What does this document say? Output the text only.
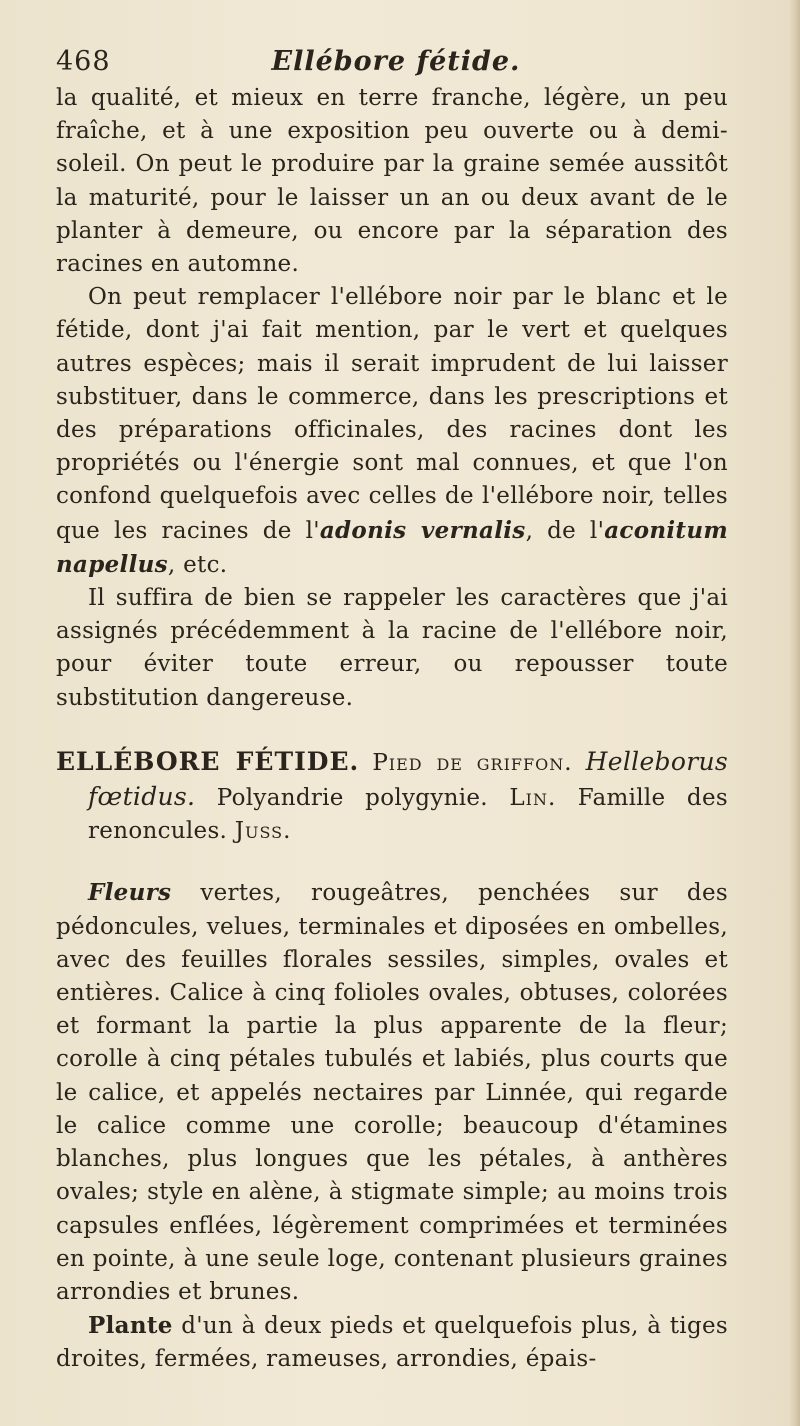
468	Ellébore fétide.

la qualité, et mieux en terre franche, légère, un peu fraîche, et à une exposition peu ouverte ou à demi-soleil. On peut le produire par la graine semée aussitôt la maturité, pour le laisser un an ou deux avant de le planter à demeure, ou encore par la séparation des racines en automne.

On peut remplacer l'ellébore noir par le blanc et le fétide, dont j'ai fait mention, par le vert et quelques autres espèces; mais il serait imprudent de lui laisser substituer, dans le commerce, dans les prescriptions et des préparations officinales, des racines dont les propriétés ou l'énergie sont mal connues, et que l'on confond quelquefois avec celles de l'ellébore noir, telles que les racines de l'adonis vernalis, de l'aconitum napellus, etc.

Il suffira de bien se rappeler les caractères que j'ai assignés précédemment à la racine de l'ellébore noir, pour éviter toute erreur, ou repousser toute substitution dangereuse.

ELLÉBORE FÉTIDE. Pied de griffon. Helleborus fœtidus. Polyandrie polygynie. Lin. Famille des renoncules. Juss.

Fleurs vertes, rougeâtres, penchées sur des pédoncules, velues, terminales et diposées en ombelles, avec des feuilles florales sessiles, simples, ovales et entières. Calice à cinq folioles ovales, obtuses, colorées et formant la partie la plus apparente de la fleur; corolle à cinq pétales tubulés et labiés, plus courts que le calice, et appelés nectaires par Linnée, qui regarde le calice comme une corolle; beaucoup d'étamines blanches, plus longues que les pétales, à anthères ovales; style en alène, à stigmate simple; au moins trois capsules enflées, légèrement comprimées et terminées en pointe, à une seule loge, contenant plusieurs graines arrondies et brunes.

Plante d'un à deux pieds et quelquefois plus, à tiges droites, fermées, rameuses, arrondies, épais-
